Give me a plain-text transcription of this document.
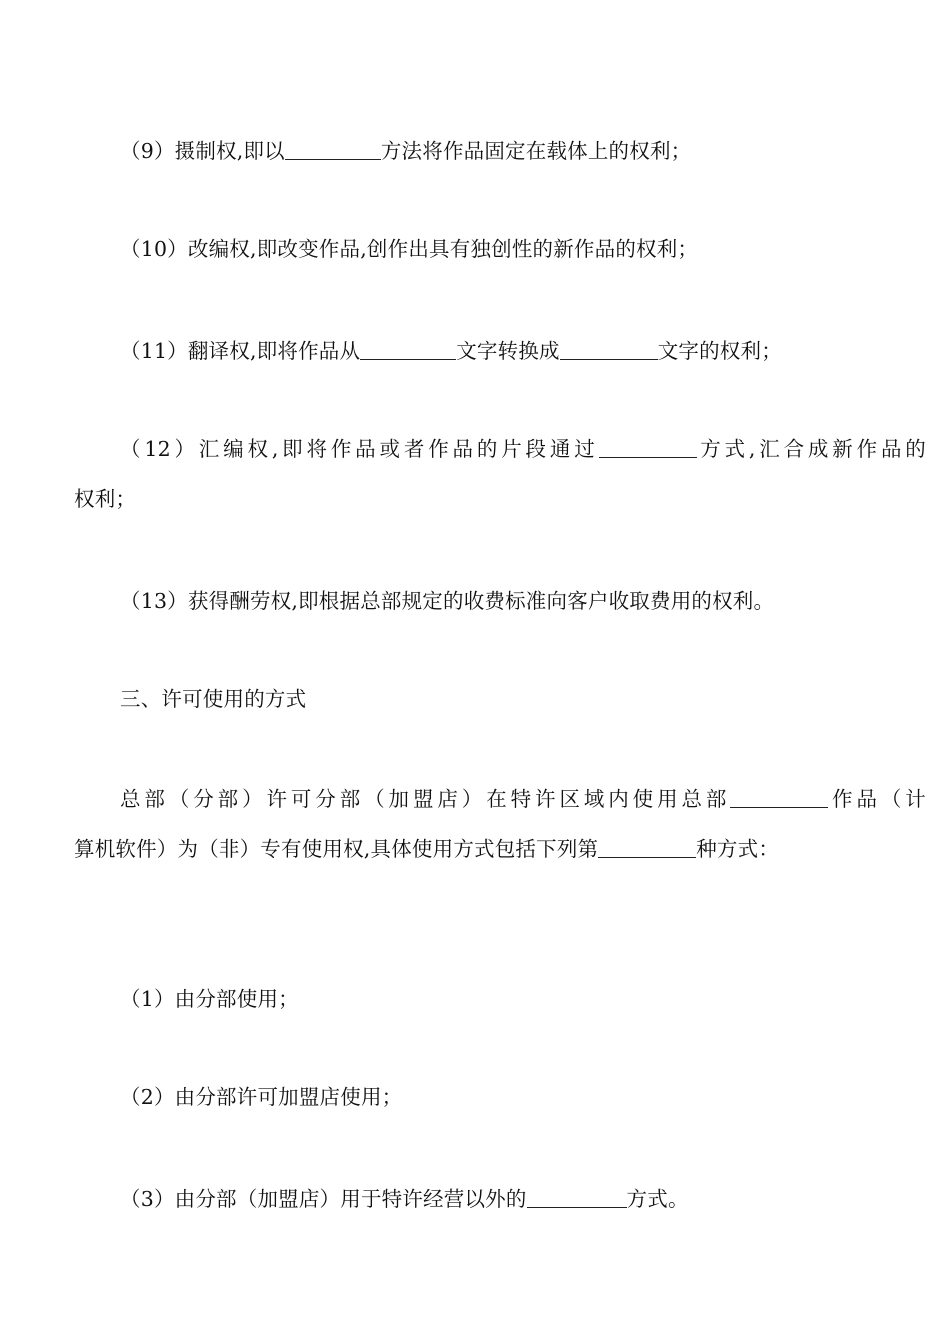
（9）摄制权,即以	方法将作品固定在载体上的权利；
（10）改编权,即改变作品,创作出具有独创性的新作品的权利；
（11）翻译权,即将作品从	文字转换成	文字的权利；
（12）汇编权,即将作品或者作品的片段通过	方式,汇合成新作品的
权利；
（13）获得酬劳权,即根据总部规定的收费标准向客户收取费用的权利。
三、许可使用的方式
总部（分部）许可分部（加盟店）在特许区域内使用总部	作品（计
算机软件）为（非）专有使用权,具体使用方式包括下列第	种方式：
（1）由分部使用；
（2）由分部许可加盟店使用；
（3）由分部（加盟店）用于特许经营以外的	方式。
